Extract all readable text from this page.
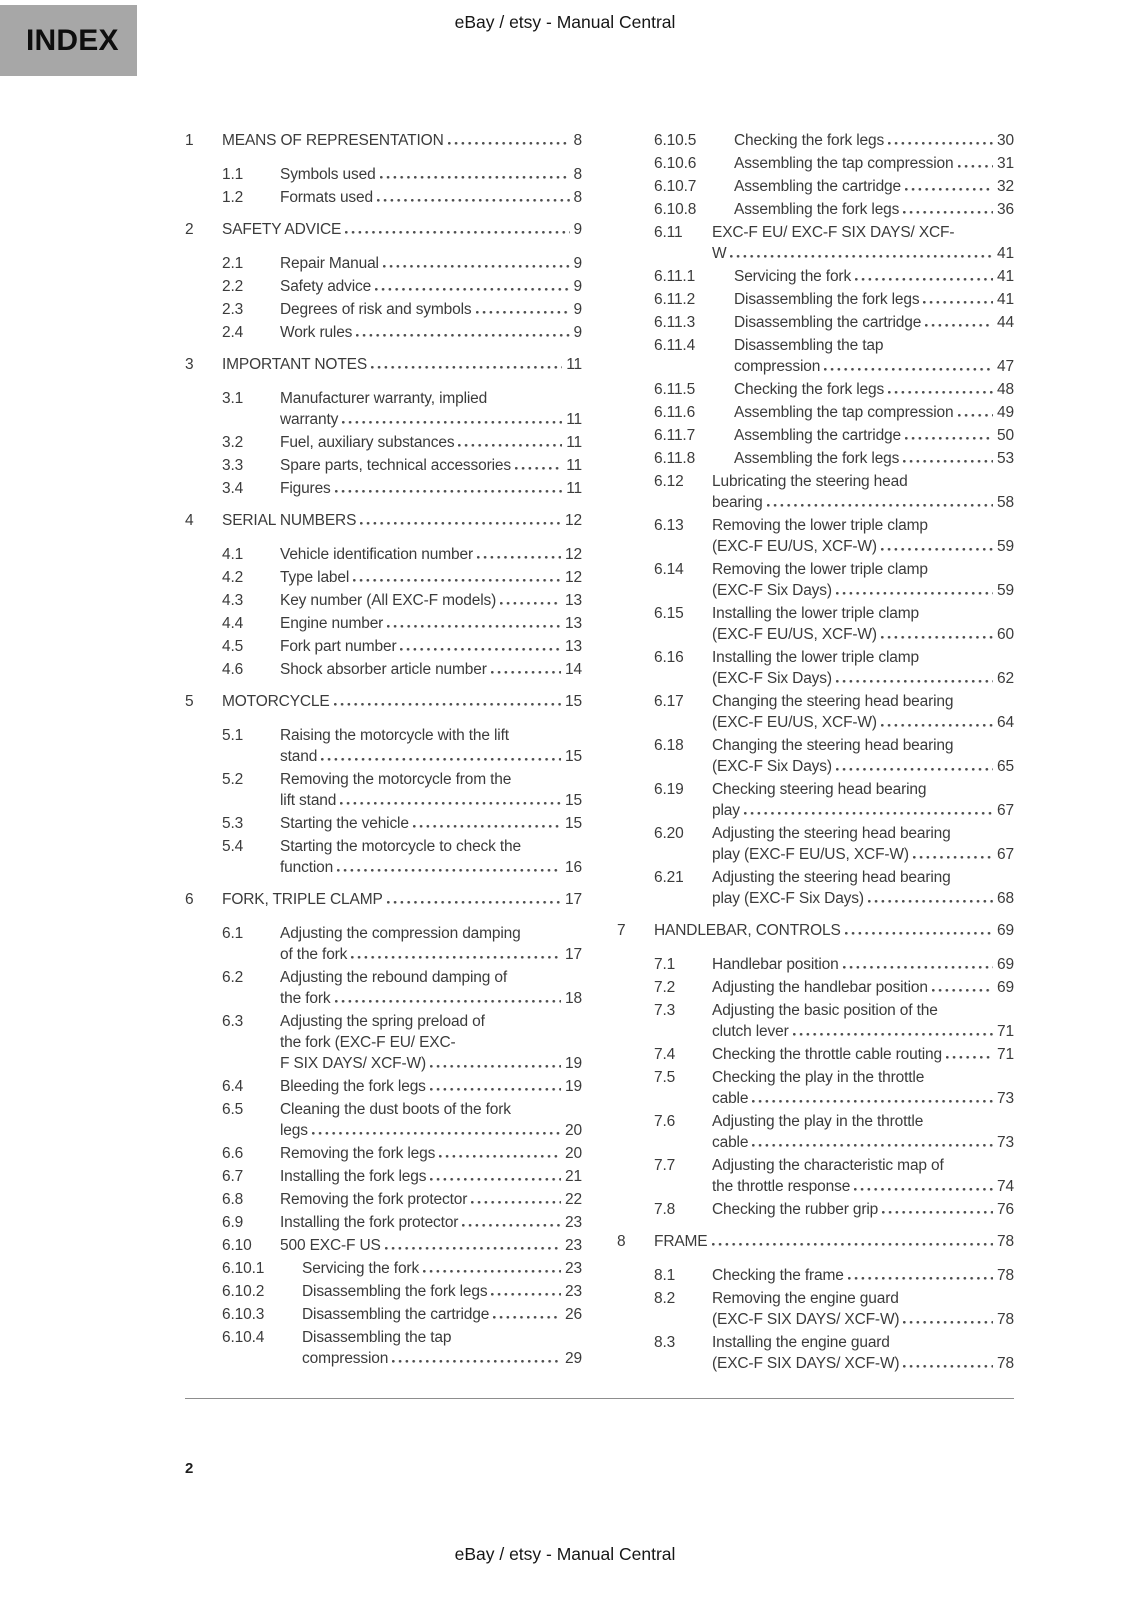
INDEX
eBay / etsy - Manual Central
1	MEANS OF REPRESENTATION	8
1.1	Symbols used	8
1.2	Formats used	8
2	SAFETY ADVICE	9
2.1	Repair Manual	9
2.2	Safety advice	9
2.3	Degrees of risk and symbols	9
2.4	Work rules	9
3	IMPORTANT NOTES	11
3.1	Manufacturer warranty, implied
warranty	11
3.2	Fuel, auxiliary substances	11
3.3	Spare parts, technical accessories	11
3.4	Figures	11
4	SERIAL NUMBERS	12
4.1	Vehicle identification number	12
4.2	Type label	12
4.3	Key number (All EXC-F models)	13
4.4	Engine number	13
4.5	Fork part number	13
4.6	Shock absorber article number	14
5	MOTORCYCLE	15
5.1	Raising the motorcycle with the lift
stand	15
5.2	Removing the motorcycle from the
lift stand	15
5.3	Starting the vehicle	15
5.4	Starting the motorcycle to check the
function	16
6	FORK, TRIPLE CLAMP	17
6.1	Adjusting the compression damping
of the fork	17
6.2	Adjusting the rebound damping of
the fork	18
6.3	Adjusting the spring preload of
the fork (EXC-F EU/ EXC-
F SIX DAYS/ XCF-W)	19
6.4	Bleeding the fork legs	19
6.5	Cleaning the dust boots of the fork
legs	20
6.6	Removing the fork legs	20
6.7	Installing the fork legs	21
6.8	Removing the fork protector	22
6.9	Installing the fork protector	23
6.10	500 EXC-F US	23
6.10.1	Servicing the fork	23
6.10.2	Disassembling the fork legs	23
6.10.3	Disassembling the cartridge	26
6.10.4	Disassembling the tap
compression	29
6.10.5	Checking the fork legs	30
6.10.6	Assembling the tap compression	31
6.10.7	Assembling the cartridge	32
6.10.8	Assembling the fork legs	36
6.11	EXC-F EU/ EXC-F SIX DAYS/ XCF-
W	41
6.11.1	Servicing the fork	41
6.11.2	Disassembling the fork legs	41
6.11.3	Disassembling the cartridge	44
6.11.4	Disassembling the tap
compression	47
6.11.5	Checking the fork legs	48
6.11.6	Assembling the tap compression	49
6.11.7	Assembling the cartridge	50
6.11.8	Assembling the fork legs	53
6.12	Lubricating the steering head
bearing	58
6.13	Removing the lower triple clamp
(EXC-F EU/US, XCF-W)	59
6.14	Removing the lower triple clamp
(EXC-F Six Days)	59
6.15	Installing the lower triple clamp
(EXC-F EU/US, XCF-W)	60
6.16	Installing the lower triple clamp
(EXC-F Six Days)	62
6.17	Changing the steering head bearing
(EXC-F EU/US, XCF-W)	64
6.18	Changing the steering head bearing
(EXC-F Six Days)	65
6.19	Checking steering head bearing
play	67
6.20	Adjusting the steering head bearing
play (EXC-F EU/US, XCF-W)	67
6.21	Adjusting the steering head bearing
play (EXC-F Six Days)	68
7	HANDLEBAR, CONTROLS	69
7.1	Handlebar position	69
7.2	Adjusting the handlebar position	69
7.3	Adjusting the basic position of the
clutch lever	71
7.4	Checking the throttle cable routing	71
7.5	Checking the play in the throttle
cable	73
7.6	Adjusting the play in the throttle
cable	73
7.7	Adjusting the characteristic map of
the throttle response	74
7.8	Checking the rubber grip	76
8	FRAME	78
8.1	Checking the frame	78
8.2	Removing the engine guard
(EXC-F SIX DAYS/ XCF-W)	78
8.3	Installing the engine guard
(EXC-F SIX DAYS/ XCF-W)	78
2
eBay / etsy - Manual Central
